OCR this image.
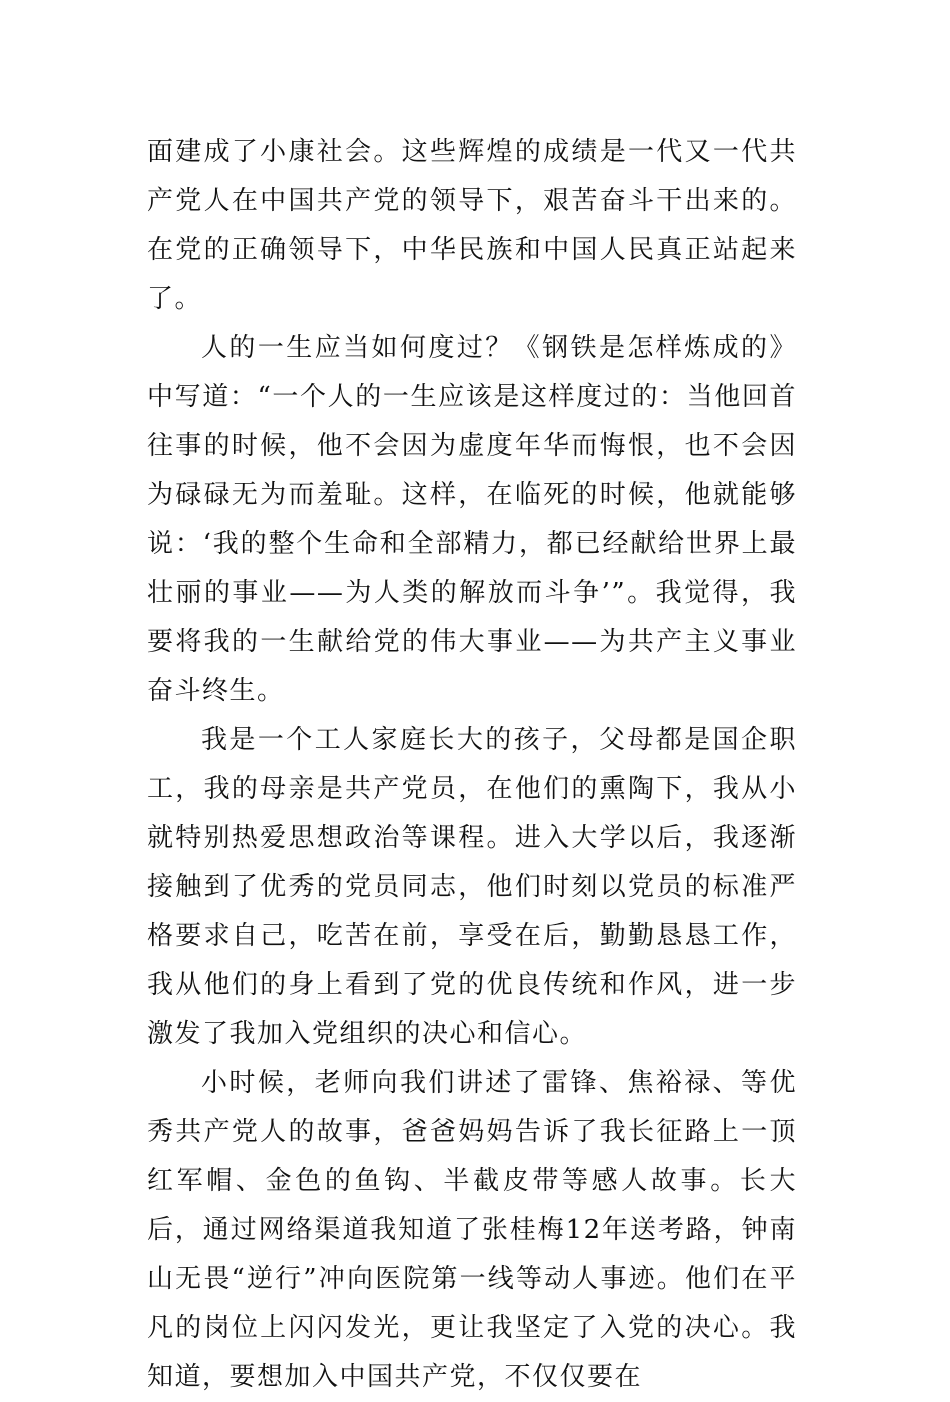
面建成了小康社会。这些辉煌的成绩是一代又一代共产党人在中国共产党的领导下，艰苦奋斗干出来的。在党的正确领导下，中华民族和中国人民真正站起来了。

人的一生应当如何度过？《钢铁是怎样炼成的》中写道：“一个人的一生应该是这样度过的：当他回首往事的时候，他不会因为虚度年华而悔恨，也不会因为碌碌无为而羞耻。这样，在临死的时候，他就能够说：‘我的整个生命和全部精力，都已经献给世界上最壮丽的事业——为人类的解放而斗争’”。我觉得，我要将我的一生献给党的伟大事业——为共产主义事业奋斗终生。

我是一个工人家庭长大的孩子，父母都是国企职工，我的母亲是共产党员，在他们的熏陶下，我从小就特别热爱思想政治等课程。进入大学以后，我逐渐接触到了优秀的党员同志，他们时刻以党员的标准严格要求自己，吃苦在前，享受在后，勤勤恳恳工作，我从他们的身上看到了党的优良传统和作风，进一步激发了我加入党组织的决心和信心。

小时候，老师向我们讲述了雷锋、焦裕禄、等优秀共产党人的故事，爸爸妈妈告诉了我长征路上一顶红军帽、金色的鱼钩、半截皮带等感人故事。长大后，通过网络渠道我知道了张桂梅12年送考路，钟南山无畏“逆行”冲向医院第一线等动人事迹。他们在平凡的岗位上闪闪发光，更让我坚定了入党的决心。我知道，要想加入中国共产党，不仅仅要在
